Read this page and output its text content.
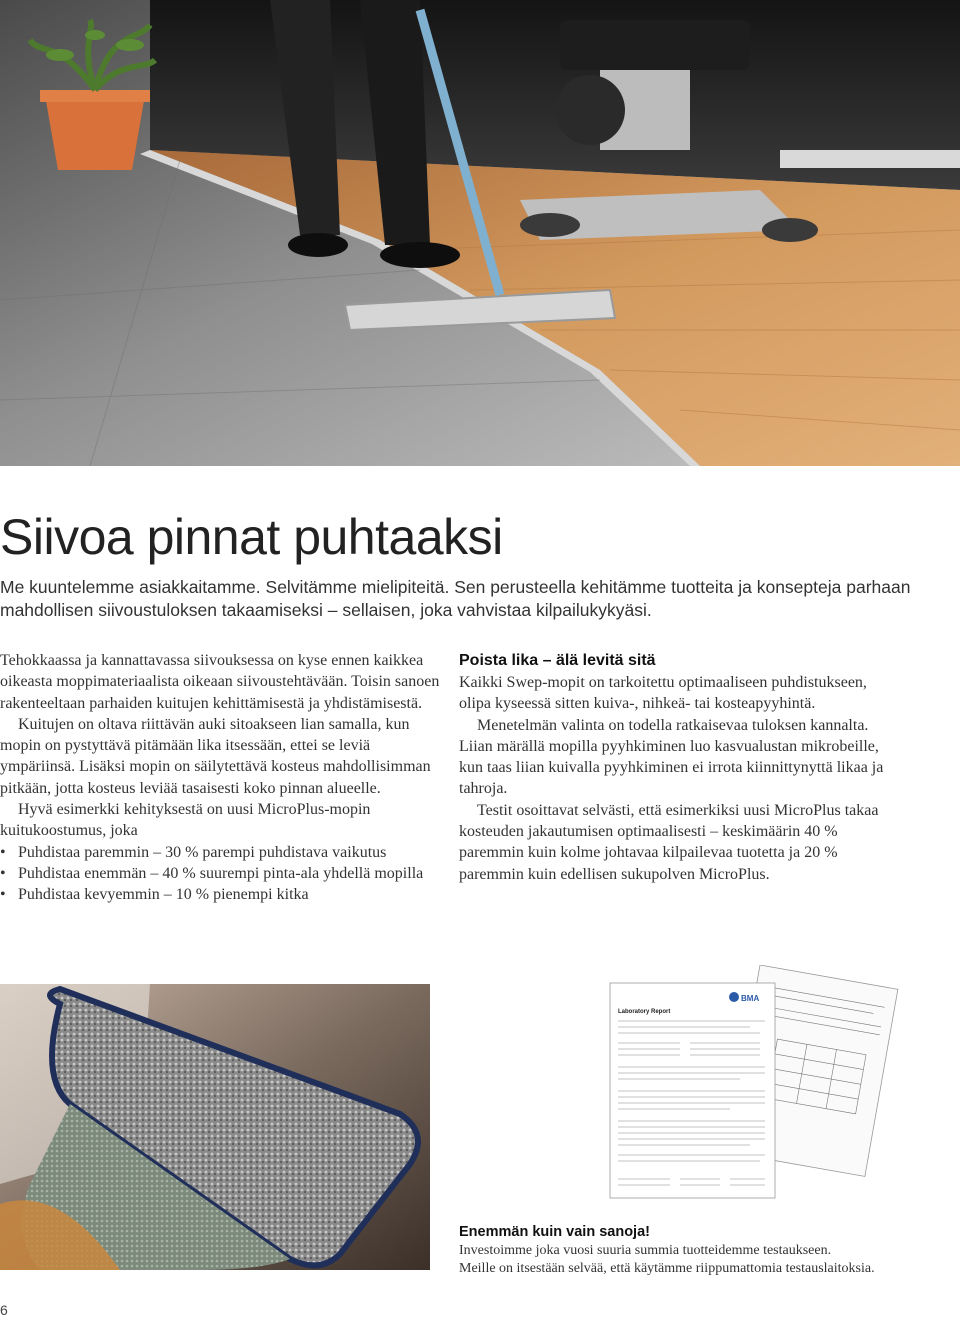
Siivoa pinnat puhtaaksi
Me kuuntelemme asiakkaitamme. Selvitämme mielipiteitä. Sen perusteella kehitämme tuotteita ja konsepteja parhaan mahdollisen siivoustuloksen takaamiseksi – sellaisen, joka vahvistaa kilpailukykyäsi.

Tehokkaassa ja kannattavassa siivouksessa on kyse ennen kaikkea oikeasta moppimateriaalista oikeaan siivoustehtävään. Toisin sanoen rakenteeltaan parhaiden kuitujen kehittämisestä ja yhdistämisestä.

Kuitujen on oltava riittävän auki sitoakseen lian samalla, kun mopin on pystyttävä pitämään lika itsessään, ettei se leviä ympäriinsä. Lisäksi mopin on säilytettävä kosteus mahdollisimman pitkään, jotta kosteus leviää tasaisesti koko pinnan alueelle.

Hyvä esimerkki kehityksestä on uusi MicroPlus-mopin kuitukoostumus, joka

• Puhdistaa paremmin – 30 % parempi puhdistava vaikutus
• Puhdistaa enemmän – 40 % suurempi pinta-ala yhdellä mopilla
• Puhdistaa kevyemmin – 10 % pienempi kitka
Poista lika – älä levitä sitä

Kaikki Swep-mopit on tarkoitettu optimaaliseen puhdistukseen, olipa kyseessä sitten kuiva-, nihkeä- tai kosteapyyhintä.

Menetelmän valinta on todella ratkaisevaa tuloksen kannalta. Liian märällä mopilla pyyhkiminen luo kasvualustan mikrobeille, kun taas liian kuivalla pyyhkiminen ei irrota kiinnittynyttä likaa ja tahroja.

Testit osoittavat selvästi, että esimerkiksi uusi MicroPlus takaa kosteuden jakautumisen optimaalisesti – keskimäärin 40 % paremmin kuin kolme johtavaa kilpailevaa tuotetta ja 20 % paremmin kuin edellisen sukupolven MicroPlus.

BMA
Laboratory Report
Enemmän kuin vain sanoja!
Investoimme joka vuosi suuria summia tuotteidemme testaukseen.
Meille on itsestään selvää, että käytämme riippumattomia testauslaitoksia.
6
